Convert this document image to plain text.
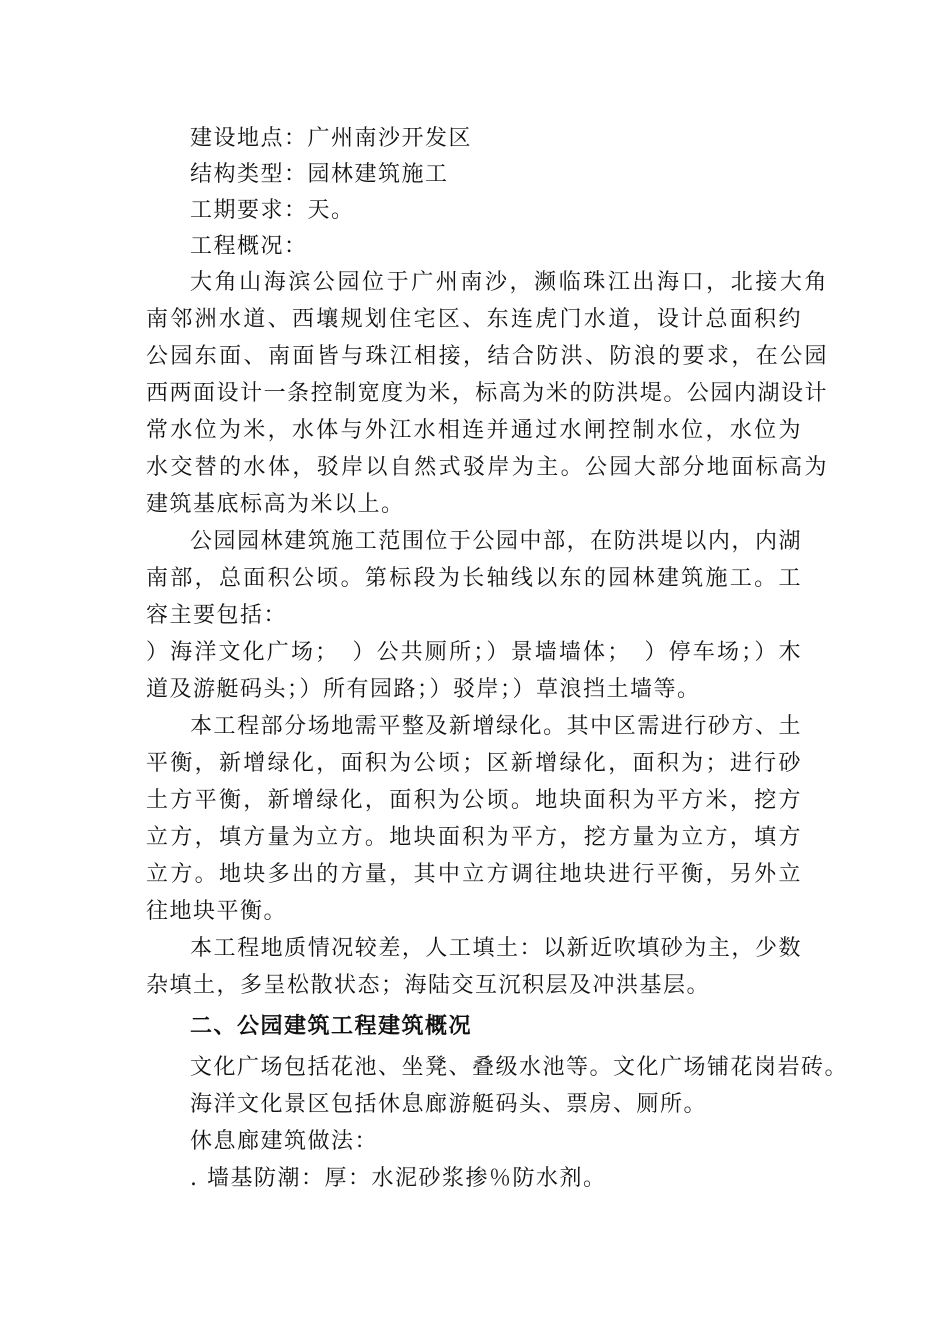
建设地点：广州南沙开发区

结构类型：园林建筑施工

工期要求：天。

工程概况：

大角山海滨公园位于广州南沙，濒临珠江出海口，北接大角

南邻洲水道、西壤规划住宅区、东连虎门水道，设计总面积约

公园东面、南面皆与珠江相接，结合防洪、防浪的要求，在公园

西两面设计一条控制宽度为米，标高为米的防洪堤。公园内湖设计

常水位为米，水体与外江水相连并通过水闸控制水位，水位为

水交替的水体，驳岸以自然式驳岸为主。公园大部分地面标高为

建筑基底标高为米以上。

公园园林建筑施工范围位于公园中部，在防洪堤以内，内湖

南部，总面积公顷。第标段为长轴线以东的园林建筑施工。工

容主要包括：

）海洋文化广场；　）公共厕所；）景墙墙体；　）停车场；）木

道及游艇码头；）所有园路；）驳岸；）草浪挡土墙等。

本工程部分场地需平整及新增绿化。其中区需进行砂方、土

平衡，新增绿化，面积为公顷；区新增绿化，面积为；进行砂

土方平衡，新增绿化，面积为公顷。地块面积为平方米，挖方

立方，填方量为立方。地块面积为平方，挖方量为立方，填方

立方。地块多出的方量，其中立方调往地块进行平衡，另外立

往地块平衡。

本工程地质情况较差，人工填土：以新近吹填砂为主，少数

杂填土，多呈松散状态；海陆交互沉积层及冲洪基层。

二、公园建筑工程建筑概况

文化广场包括花池、坐凳、叠级水池等。文化广场铺花岗岩砖。

海洋文化景区包括休息廊游艇码头、票房、厕所。

休息廊建筑做法：

. 墙基防潮：厚：水泥砂浆掺％防水剂。
